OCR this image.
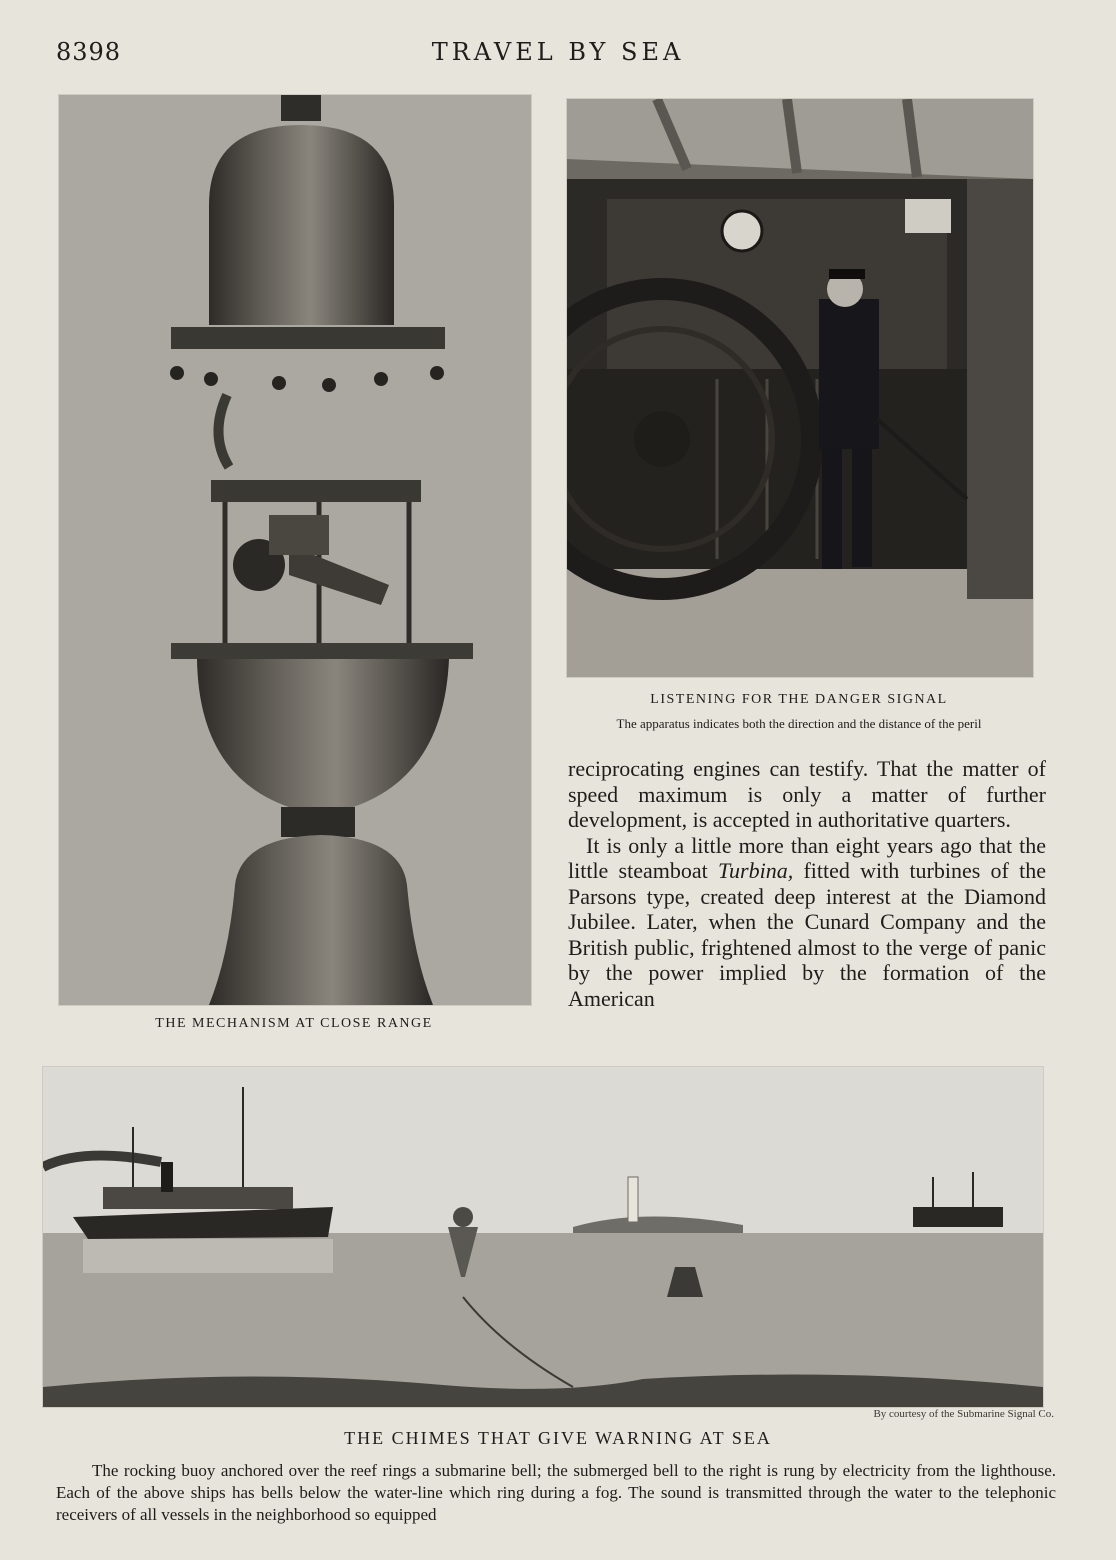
8398	TRAVEL BY SEA
THE MECHANISM AT CLOSE RANGE
LISTENING FOR THE DANGER SIGNAL
The apparatus indicates both the direction and the distance of the peril

reciprocating engines can testify. That the matter of speed maximum is only a matter of further development, is accepted in authoritative quarters.

It is only a little more than eight years ago that the little steamboat Turbina, fitted with turbines of the Parsons type, created deep interest at the Diamond Jubilee. Later, when the Cunard Company and the British public, frightened almost to the verge of panic by the power implied by the formation of the American

By courtesy of the Submarine Signal Co.
THE CHIMES THAT GIVE WARNING AT SEA
The rocking buoy anchored over the reef rings a submarine bell; the submerged bell to the right is rung by electricity from the lighthouse. Each of the above ships has bells below the water-line which ring during a fog. The sound is transmitted through the water to the telephonic receivers of all vessels in the neighborhood so equipped
